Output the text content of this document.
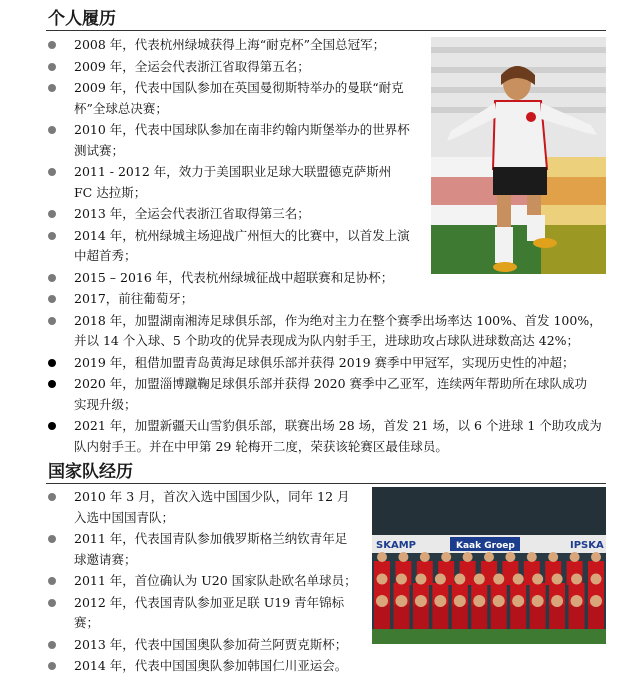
个人履历
2008 年，代表杭州绿城获得上海“耐克杯”全国总冠军；
2009 年，全运会代表浙江省取得第五名；
2009 年，代表中国队参加在英国曼彻斯特举办的曼联“耐克
杯”全球总决赛；
2010 年，代表中国球队参加在南非约翰内斯堡举办的世界杯
测试赛；
2011 - 2012 年，效力于美国职业足球大联盟德克萨斯州
FC 达拉斯；
2013 年，全运会代表浙江省取得第三名；
2014 年，杭州绿城主场迎战广州恒大的比赛中，以首发上演
中超首秀；
2015 – 2016 年，代表杭州绿城征战中超联赛和足协杯；
2017，前往葡萄牙；
2018 年，加盟湖南湘涛足球俱乐部，作为绝对主力在整个赛季出场率达 100%、首发 100%，
并以 14 个入球、5 个助攻的优异表现成为队内射手王，进球助攻占球队进球数高达 42%；
2019 年，租借加盟青岛黄海足球俱乐部并获得 2019 赛季中甲冠军，实现历史性的冲超；
2020 年，加盟淄博蹴鞠足球俱乐部并获得 2020 赛季中乙亚军，连续两年帮助所在球队成功
实现升级；
2021 年，加盟新疆天山雪豹俱乐部，联赛出场 28 场，首发 21 场，以 6 个进球 1 个助攻成为
队内射手王。并在中甲第 29 轮梅开二度，荣获该轮赛区最佳球员。
国家队经历
2010 年 3 月，首次入选中国国少队，同年 12 月
入选中国国青队；
2011 年，代表国青队参加俄罗斯格兰纳钦青年足
球邀请赛；
2011 年，首位确认为 U20 国家队赴欧名单球员；
2012 年，代表国青队参加亚足联 U19 青年锦标赛；
2013 年，代表中国国奥队参加荷兰阿贾克斯杯；
2014 年，代表中国国奥队参加韩国仁川亚运会。
SKAMP	Kaak Groep	IPSKA
